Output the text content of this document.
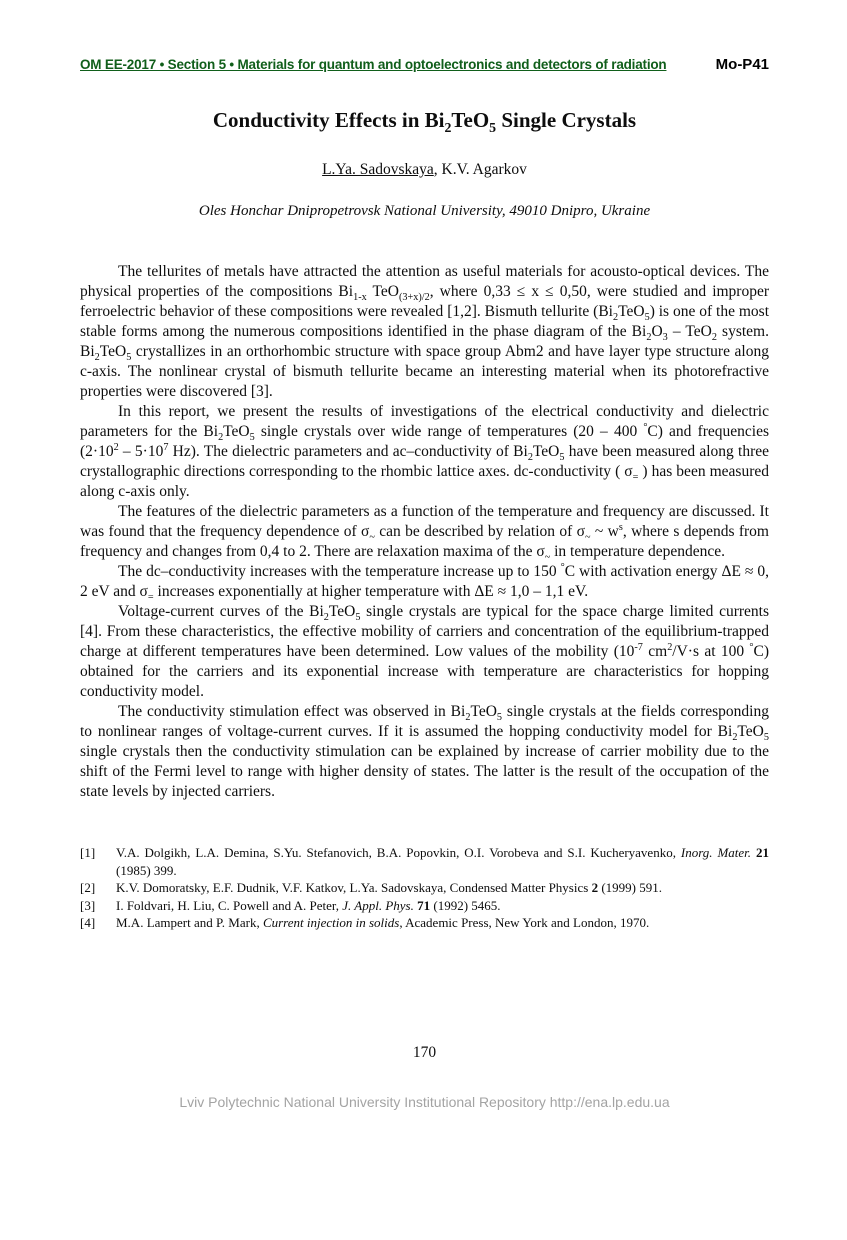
OM EE-2017 • Section 5 • Materials for quantum and optoelectronics and detectors of radiation	Mo-P41
Conductivity Effects in $Bi_2TeO_5$ Single Crystals
L.Ya. Sadovskaya, K.V. Agarkov
Oles Honchar Dnipropetrovsk National University, 49010 Dnipro, Ukraine

The tellurites of metals have attracted the attention as useful materials for acousto-optical devices. The physical properties of the compositions $Bi_{1-x}$ TeO$_{(3+x)/2}$, where 0,33 ≤ x ≤ 0,50, were studied and improper ferroelectric behavior of these compositions were revealed [1,2]. Bismuth tellurite $(Bi_2TeO_5)$ is one of the most stable forms among the numerous compositions identified in the phase diagram of the $Bi_2O_3 - TeO_2$ system. $Bi_2TeO_5$ crystallizes in an orthorhombic structure with space group Abm2 and have layer type structure along c-axis. The nonlinear crystal of bismuth tellurite became an interesting material when its photorefractive properties were discovered [3].

In this report, we present the results of investigations of the electrical conductivity and dielectric parameters for the $Bi_2TeO_5$ single crystals over wide range of temperatures (20 – 400 °C) and frequencies ($2\cdot 10^2 - 5\cdot 10^7$ Hz). The dielectric parameters and ac–conductivity of $Bi_2TeO_5$ have been measured along three crystallographic directions corresponding to the rhombic lattice axes. dc-conductivity ( $\sigma_=$ ) has been measured along c-axis only.

The features of the dielectric parameters as a function of the temperature and frequency are discussed. It was found that the frequency dependence of $\sigma_\sim$ can be described by relation of $\sigma_\sim$ ~ $w^s$, where s depends from frequency and changes from 0,4 to 2. There are relaxation maxima of the $\sigma_\sim$ in temperature dependence.

The dc–conductivity increases with the temperature increase up to 150 °C with activation energy ΔE ≈ 0, 2 eV and $\sigma_=$ increases exponentially at higher temperature with ΔE ≈ 1,0 – 1,1 eV.

Voltage-current curves of the $Bi_2TeO_5$ single crystals are typical for the space charge limited currents [4]. From these characteristics, the effective mobility of carriers and concentration of the equilibrium-trapped charge at different temperatures have been determined. Low values of the mobility ($10^{-7}$ $cm^2/V\cdot s$ at 100 °C) obtained for the carriers and its exponential increase with temperature are characteristics for hopping conductivity model.

The conductivity stimulation effect was observed in $Bi_2TeO_5$ single crystals at the fields corresponding to nonlinear ranges of voltage-current curves. If it is assumed the hopping conductivity model for $Bi_2TeO_5$ single crystals then the conductivity stimulation can be explained by increase of carrier mobility due to the shift of the Fermi level to range with higher density of states. The latter is the result of the occupation of the state levels by injected carriers.

[1]	V.A. Dolgikh, L.A. Demina, S.Yu. Stefanovich, B.A. Popovkin, O.I. Vorobeva and S.I. Kucheryavenko, Inorg. Mater. 21 (1985) 399.
[2]	K.V. Domoratsky, E.F. Dudnik, V.F. Katkov, L.Ya. Sadovskaya, Condensed Matter Physics 2 (1999) 591.
[3]	I. Foldvari, H. Liu, C. Powell and A. Peter, J. Appl. Phys. 71 (1992) 5465.
[4]	M.A. Lampert and P. Mark, Current injection in solids, Academic Press, New York and London, 1970.
170
Lviv Polytechnic National University Institutional Repository http://ena.lp.edu.ua
